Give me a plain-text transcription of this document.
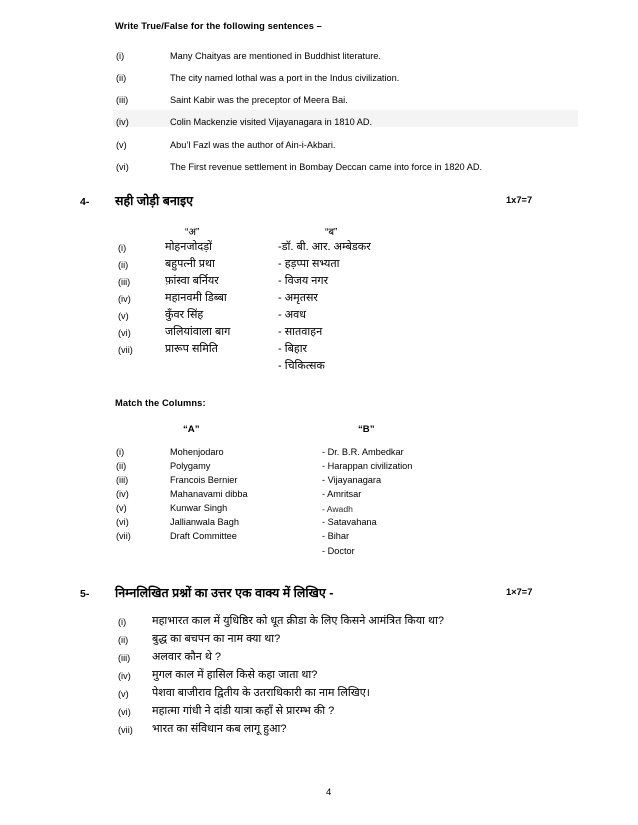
Write True/False for the following sentences –
(i)	Many Chaityas are mentioned in Buddhist literature.
(ii)	The city named lothal was a port in the Indus civilization.
(iii)	Saint Kabir was the preceptor of Meera Bai.
(iv)	Colin Mackenzie visited Vijayanagara in 1810 AD.
(v)	Abu’l Fazl was the author of Ain-i-Akbari.
(vi)	The First revenue settlement in Bombay Deccan came into force in 1820 AD.
4- सही जोड़ी बनाइए	1x7=7
“अ”	“ब”
(i)	मोहनजोदड़ों	-डॉ. बी. आर. अम्बेडकर
(ii)	बहुपत्नी प्रथा	- हड़प्पा सभ्यता
(iii)	फ़ांस्वा बर्नियर	- विजय नगर
(iv)	महानवमी डिब्बा	- अमृतसर
(v)	कुँवर सिंह	- अवध
(vi)	जलियांवाला बाग	- सातवाहन
(vii)	प्रारूप समिति	- बिहार
- चिकित्सक
Match the Columns:
“A”	“B”
(i)	Mohenjodaro	- Dr. B.R. Ambedkar
(ii)	Polygamy	- Harappan civilization
(iii)	Francois Bernier	- Vijayanagara
(iv)	Mahanavami dibba	- Amritsar
(v)	Kunwar Singh	- Awadh
(vi)	Jallianwala Bagh	- Satavahana
(vii)	Draft Committee	- Bihar
- Doctor
5- निम्नलिखित प्रश्नों का उत्तर एक वाक्य में लिखिए -	1×7=7
(i) महाभारत काल में युधिष्ठिर को धूत क्रीडा के लिए किसने आमंत्रित किया था?
(ii) बुद्ध का बचपन का नाम क्या था?
(iii) अलवार कौन थे ?
(iv) मुगल काल में हासिल किसे कहा जाता था?
(v) पेशवा बाजीराव द्वितीय के उतराधिकारी का नाम लिखिए।
(vi) महात्मा गांधी ने दांडी यात्रा कहाँ से प्रारम्भ की ?
(vii) भारत का संविधान कब लागू हुआ?
4
